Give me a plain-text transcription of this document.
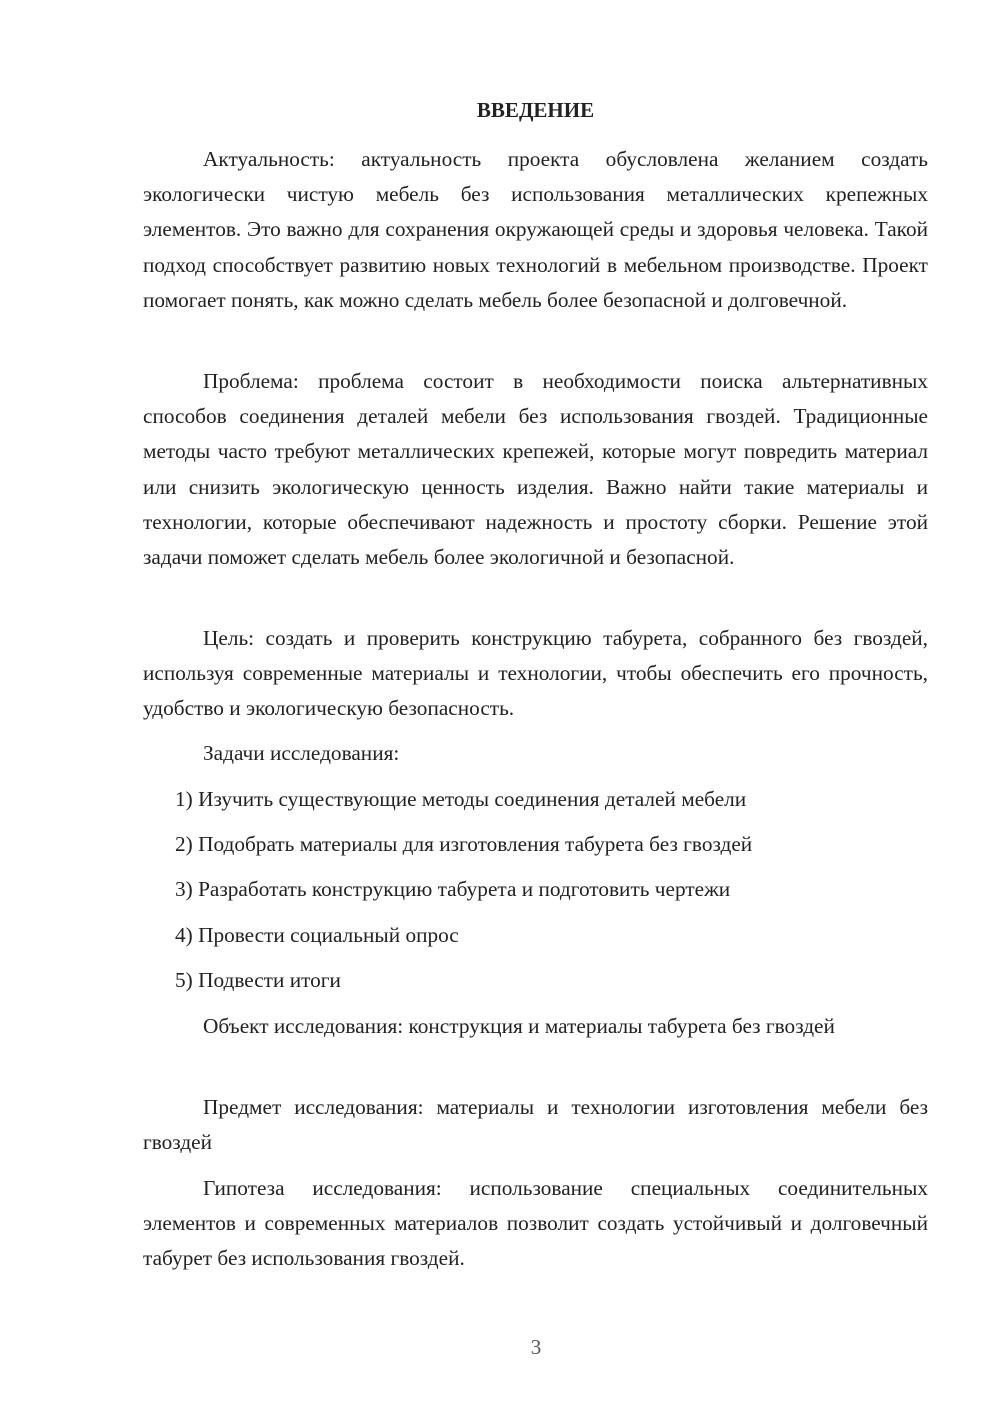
ВВЕДЕНИЕ

Актуальность: актуальность проекта обусловлена желанием создать экологически чистую мебель без использования металлических крепежных элементов. Это важно для сохранения окружающей среды и здоровья человека. Такой подход способствует развитию новых технологий в мебельном производстве. Проект помогает понять, как можно сделать мебель более безопасной и долговечной.

Проблема: проблема состоит в необходимости поиска альтернативных способов соединения деталей мебели без использования гвоздей. Традиционные методы часто требуют металлических крепежей, которые могут повредить материал или снизить экологическую ценность изделия. Важно найти такие материалы и технологии, которые обеспечивают надежность и простоту сборки. Решение этой задачи поможет сделать мебель более экологичной и безопасной.

Цель: создать и проверить конструкцию табурета, собранного без гвоздей, используя современные материалы и технологии, чтобы обеспечить его прочность, удобство и экологическую безопасность.

Задачи исследования:

1) Изучить существующие методы соединения деталей мебели

2) Подобрать материалы для изготовления табурета без гвоздей

3) Разработать конструкцию табурета и подготовить чертежи

4) Провести социальный опрос

5) Подвести итоги

Объект исследования: конструкция и материалы табурета без гвоздей

Предмет исследования: материалы и технологии изготовления мебели без гвоздей

Гипотеза исследования: использование специальных соединительных элементов и современных материалов позволит создать устойчивый и долговечный табурет без использования гвоздей.

3
